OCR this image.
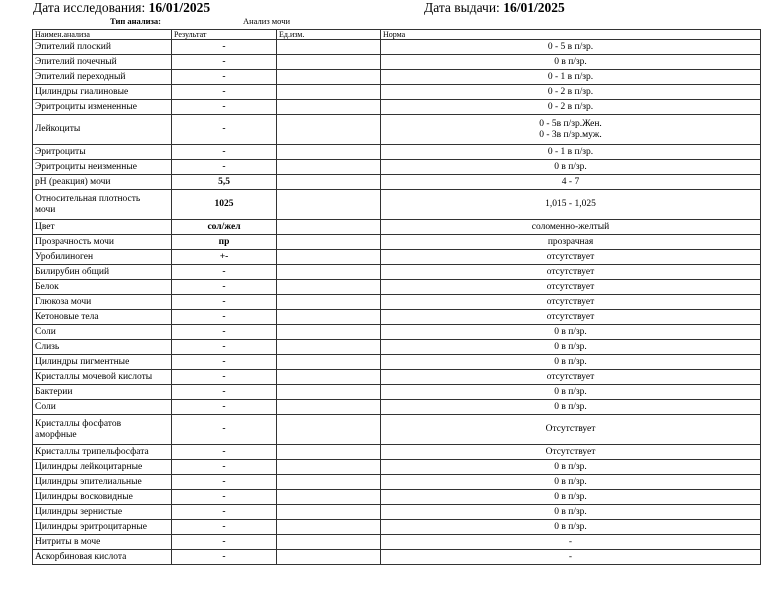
Дата исследования: 16/01/2025	Дата выдачи: 16/01/2025
Тип анализа:	Анализ мочи
Наимен.анализа	Результат	Ед.изм.	Норма
Эпителий плоский	-		0 - 5 в п/зр.
Эпителий почечный	-		0 в п/зр.
Эпителий переходный	-		0 - 1 в п/зр.
Цилиндры гиалиновые	-		0 - 2 в п/зр.
Эритроциты измененные	-		0 - 2 в п/зр.
Лейкоциты	-		0 - 5в п/зр.Жен.
0 - 3в п/зр.муж.
Эритроциты	-		0 - 1 в п/зр.
Эритроциты неизменные	-		0 в п/зр.
pH (реакция) мочи	5,5		4 - 7
Относительная плотность
мочи	1025		1,015 - 1,025
Цвет	сол/жел		соломенно-желтый
Прозрачность мочи	пр		прозрачная
Уробилиноген	+-		отсутствует
Билирубин общий	-		отсутствует
Белок	-		отсутствует
Глюкоза мочи	-		отсутствует
Кетоновые тела	-		отсутствует
Соли	-		0 в п/зр.
Слизь	-		0 в п/зр.
Цилиндры пигментные	-		0 в п/зр.
Кристаллы мочевой кислоты	-		отсутствует
Бактерии	-		0 в п/зр.
Соли	-		0 в п/зр.
Кристаллы фосфатов
аморфные	-		Отсутствует
Кристаллы трипельфосфата	-		Отсутствует
Цилиндры лейкоцитарные	-		0 в п/зр.
Цилиндры эпителиальные	-		0 в п/зр.
Цилиндры восковидные	-		0 в п/зр.
Цилиндры зернистые	-		0 в п/зр.
Цилиндры эритроцитарные	-		0 в п/зр.
Нитриты в моче	-		-
Аскорбиновая кислота	-		-
